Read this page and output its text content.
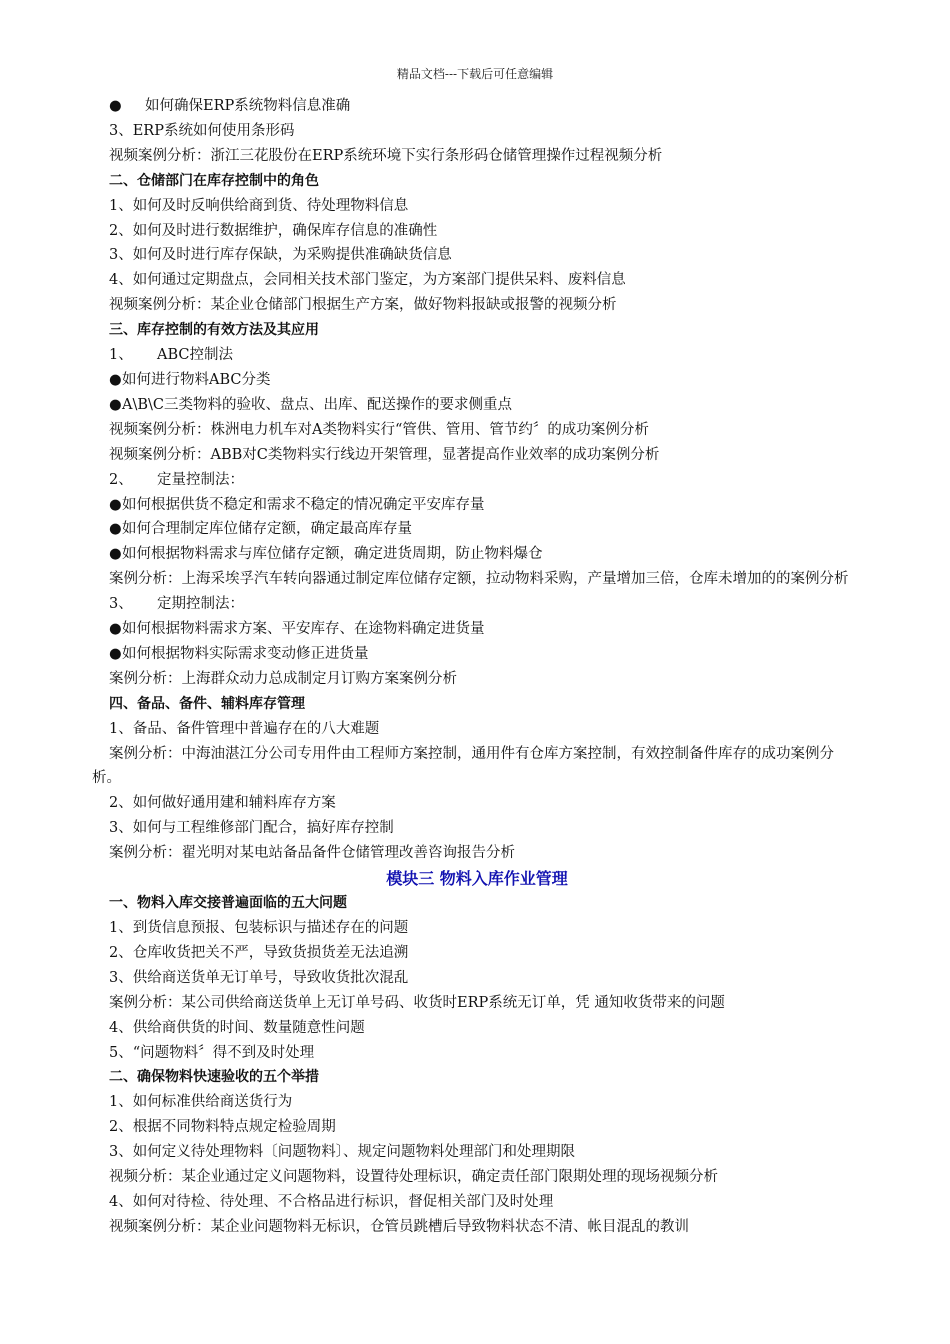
精品文档---下载后可任意编辑
● 如何确保ERP系统物料信息准确
3、ERP系统如何使用条形码
视频案例分析：浙江三花股份在ERP系统环境下实行条形码仓储管理操作过程视频分析
二、仓储部门在库存控制中的角色
1、如何及时反响供给商到货、待处理物料信息
2、如何及时进行数据维护，确保库存信息的准确性
3、如何及时进行库存保缺，为采购提供准确缺货信息
4、如何通过定期盘点，会同相关技术部门鉴定，为方案部门提供呆料、废料信息
视频案例分析：某企业仓储部门根据生产方案，做好物料报缺或报警的视频分析
三、库存控制的有效方法及其应用
1、 ABC控制法
●如何进行物料ABC分类
●A\B\C三类物料的验收、盘点、出库、配送操作的要求侧重点
视频案例分析：株洲电力机车对A类物料实行“管供、管用、管节约〞的成功案例分析
视频案例分析：ABB对C类物料实行线边开架管理，显著提高作业效率的成功案例分析
2、 定量控制法：
●如何根据供货不稳定和需求不稳定的情况确定平安库存量
●如何合理制定库位储存定额，确定最高库存量
●如何根据物料需求与库位储存定额，确定进货周期，防止物料爆仓
案例分析：上海采埃孚汽车转向器通过制定库位储存定额，拉动物料采购，产量增加三倍，仓库未增加的的案例分析
3、 定期控制法：
●如何根据物料需求方案、平安库存、在途物料确定进货量
●如何根据物料实际需求变动修正进货量
案例分析：上海群众动力总成制定月订购方案案例分析
四、备品、备件、辅料库存管理
1、备品、备件管理中普遍存在的八大难题
案例分析：中海油湛江分公司专用件由工程师方案控制，通用件有仓库方案控制，有效控制备件库存的成功案例分析。
2、如何做好通用建和辅料库存方案
3、如何与工程维修部门配合，搞好库存控制
案例分析：翟光明对某电站备品备件仓储管理改善咨询报告分析
模块三 物料入库作业管理
一、物料入库交接普遍面临的五大问题
1、到货信息预报、包装标识与描述存在的问题
2、仓库收货把关不严，导致货损货差无法追溯
3、供给商送货单无订单号，导致收货批次混乱
案例分析：某公司供给商送货单上无订单号码、收货时ERP系统无订单，凭 通知收货带来的问题
4、供给商供货的时间、数量随意性问题
5、“问题物料〞得不到及时处理
二、确保物料快速验收的五个举措
1、如何标准供给商送货行为
2、根据不同物料特点规定检验周期
3、如何定义待处理物料〔问题物料〕、规定问题物料处理部门和处理期限
视频分析：某企业通过定义问题物料，设置待处理标识，确定责任部门限期处理的现场视频分析
4、如何对待检、待处理、不合格品进行标识，督促相关部门及时处理
视频案例分析：某企业问题物料无标识，仓管员跳槽后导致物料状态不清、帐目混乱的教训
